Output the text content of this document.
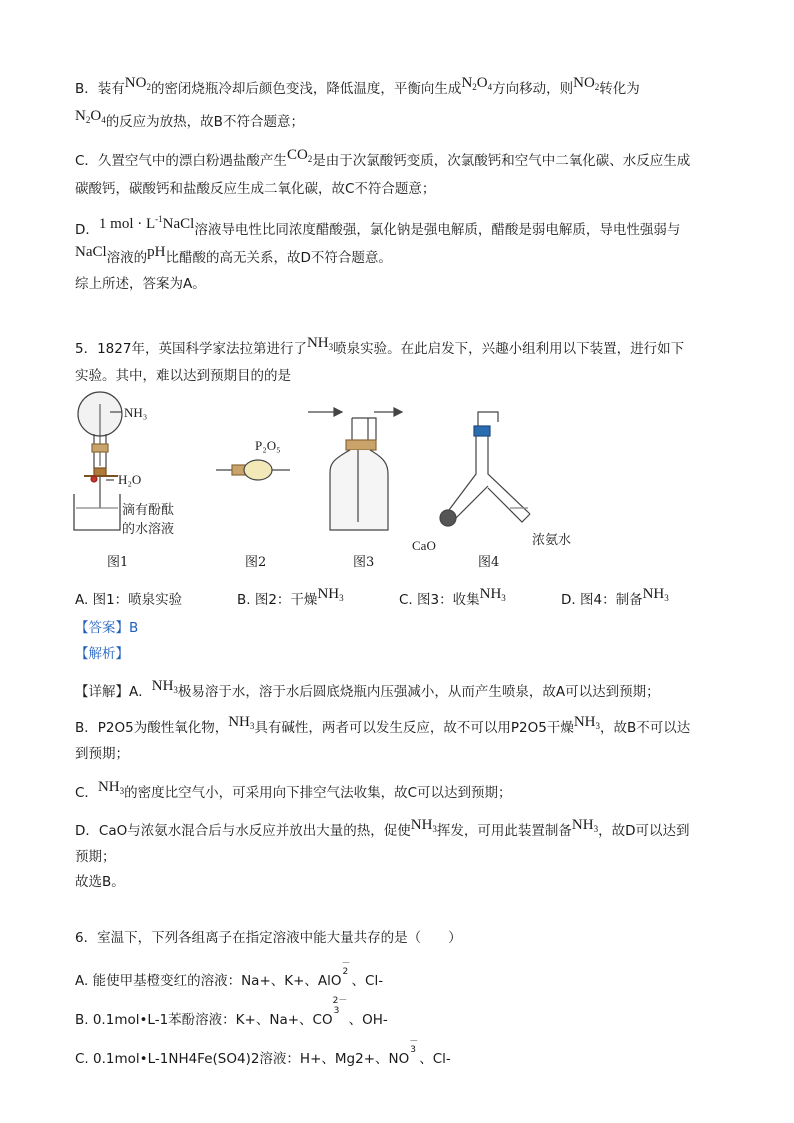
B．装有$NO_2$的密闭烧瓶冷却后颜色变浅，降低温度，平衡向生成$N_2O_4$方向移动，则$NO_2$转化为
$N_2O_4$的反应为放热，故B不符合题意；
C．久置空气中的漂白粉遇盐酸产生$CO_2$是由于次氯酸钙变质，次氯酸钙和空气中二氧化碳、水反应生成
碳酸钙，碳酸钙和盐酸反应生成二氧化碳，故C不符合题意；
D．1 mol · $L^{-1}NaCl$溶液导电性比同浓度醋酸强，氯化钠是强电解质，醋酸是弱电解质，导电性强弱与
NaCl溶液的pH比醋酸的高无关系，故D不符合题意。
综上所述，答案为A。
5．1827年，英国科学家法拉第进行了$NH_3$喷泉实验。在此启发下，兴趣小组利用以下装置，进行如下
实验。其中，难以达到预期目的的是
NH₃
H₂O
滴有酚酞
的水溶液
P₂O₅
CaO	浓氨水
图1	图2	图3	图4
A. 图1：喷泉实验	B. 图2：干燥$NH_3$	C. 图3：收集$NH_3$	D. 图4：制备$NH_3$
【答案】B
【解析】
【详解】A．$NH_3$极易溶于水，溶于水后圆底烧瓶内压强减小，从而产生喷泉，故A可以达到预期；
B．P2O5为酸性氧化物，$NH_3$具有碱性，两者可以发生反应，故不可以用P2O5干燥$NH_3$，故B不可以达
到预期；
C．$NH_3$的密度比空气小，可采用向下排空气法收集，故C可以达到预期；
D．CaO与浓氨水混合后与水反应并放出大量的热，促使$NH_3$挥发，可用此装置制备$NH_3$，故D可以达到
预期；
故选B。
6．室温下，下列各组离子在指定溶液中能大量共存的是（　　）
A. 能使甲基橙变红的溶液：Na+、K+、AlO
－
2
、Cl-
B. 0.1mol•L-1苯酚溶液：K+、Na+、CO
2－
3
、OH-
C. 0.1mol•L-1NH4Fe(SO4)2溶液：H+、Mg2+、NO
－
3
、Cl-
